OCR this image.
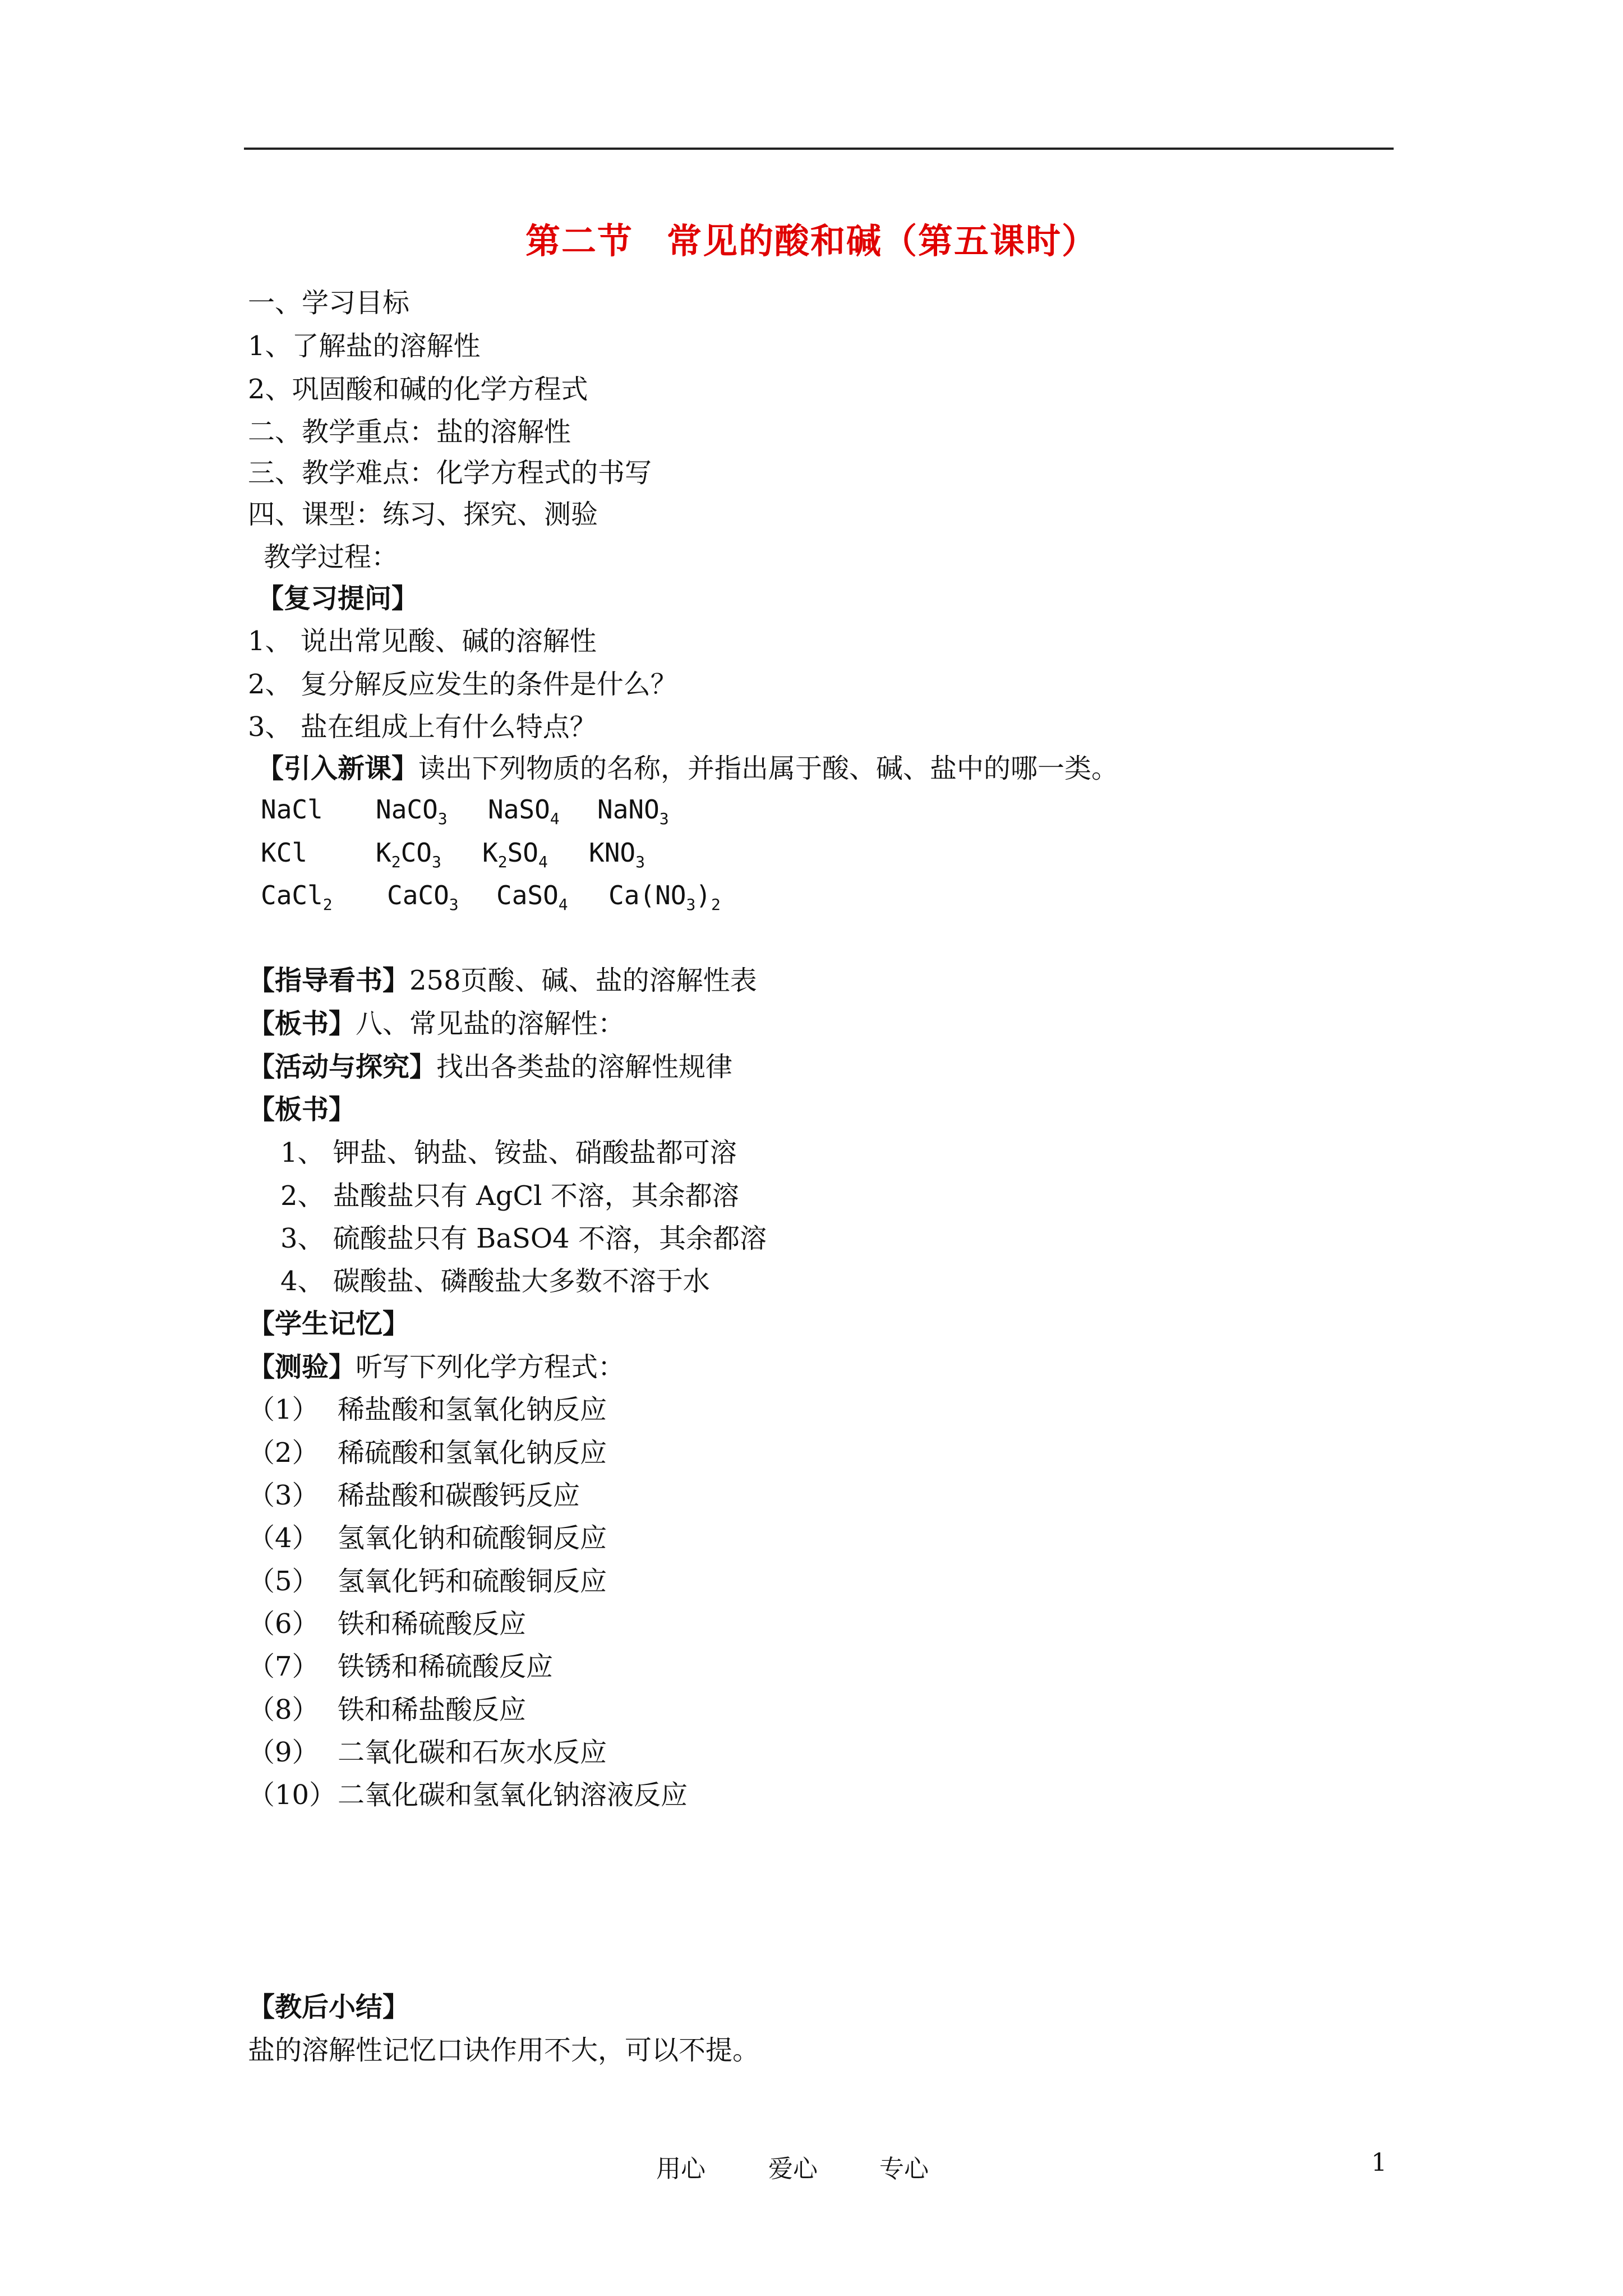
第二节 常见的酸和碱（第五课时）
一、学习目标
1、了解盐的溶解性
2、巩固酸和碱的化学方程式
二、教学重点：盐的溶解性
三、教学难点：化学方程式的书写
四、课型：练习、探究、测验
教学过程：
【复习提问】
1、 说出常见酸、碱的溶解性
2、 复分解反应发生的条件是什么？
3、 盐在组成上有什么特点？
【引入新课】读出下列物质的名称，并指出属于酸、碱、盐中的哪一类。
NaCl NaCO$_3$ NaSO$_4$ NaNO$_3$
KCl	$K_2CO_3$ $K_2SO_4$ $KNO_3$
CaCl$_2$ CaCO$_3$ CaSO$_4$ $Ca(NO_3)_2$
【指导看书】258页酸、碱、盐的溶解性表
【板书】八、常见盐的溶解性：
【活动与探究】找出各类盐的溶解性规律
【板书】
1、 钾盐、钠盐、铵盐、硝酸盐都可溶
2、 盐酸盐只有 AgCl 不溶，其余都溶
3、 硫酸盐只有 BaSO4 不溶，其余都溶
4、 碳酸盐、磷酸盐大多数不溶于水
【学生记忆】
【测验】听写下列化学方程式：
（1） 稀盐酸和氢氧化钠反应
（2） 稀硫酸和氢氧化钠反应
（3） 稀盐酸和碳酸钙反应
（4） 氢氧化钠和硫酸铜反应
（5） 氢氧化钙和硫酸铜反应
（6） 铁和稀硫酸反应
（7） 铁锈和稀硫酸反应
（8） 铁和稀盐酸反应
（9） 二氧化碳和石灰水反应
（10）二氧化碳和氢氧化钠溶液反应
【教后小结】
盐的溶解性记忆口诀作用不大，可以不提。
用心	爱心	专心	1
